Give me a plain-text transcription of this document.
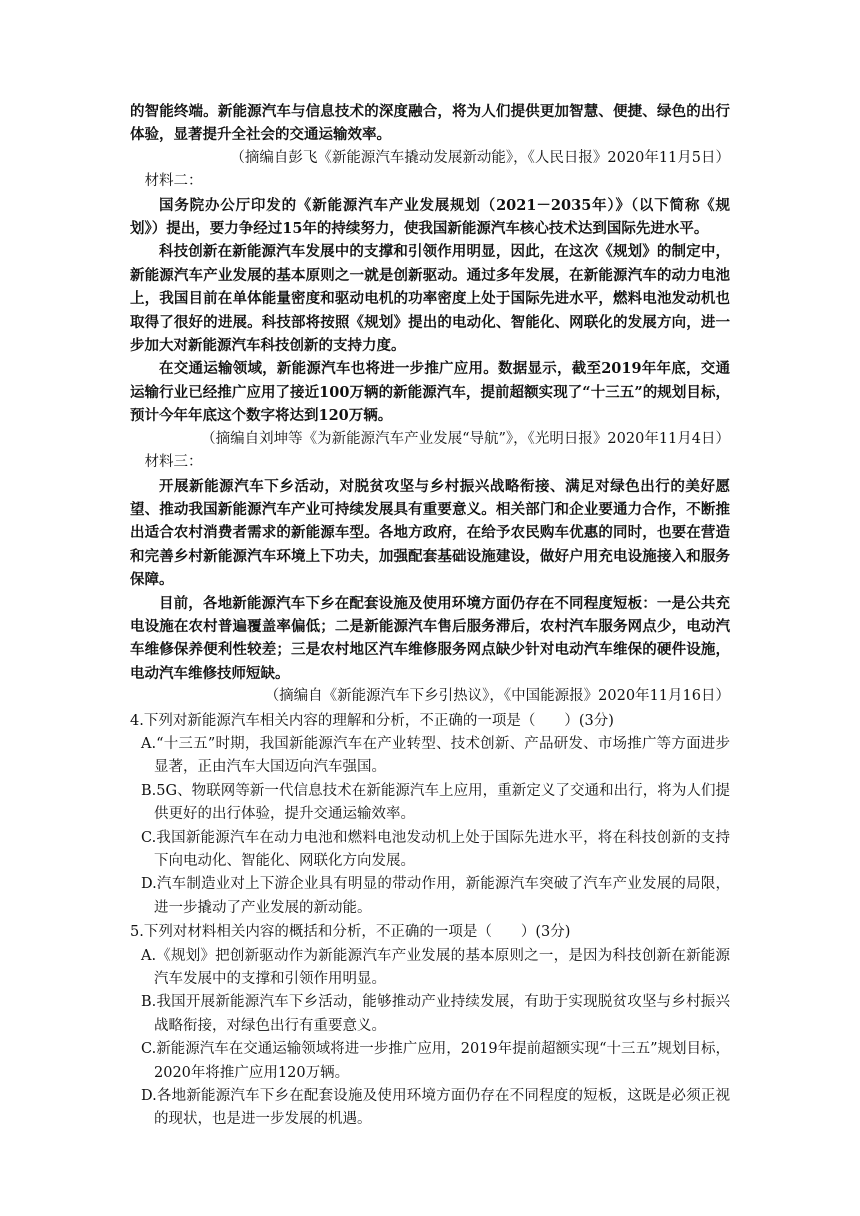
的智能终端。新能源汽车与信息技术的深度融合，将为人们提供更加智慧、便捷、绿色的出行体验，显著提升全社会的交通运输效率。

（摘编自彭飞《新能源汽车撬动发展新动能》，《人民日报》2020年11月5日）

材料二：

国务院办公厅印发的《新能源汽车产业发展规划（2021－2035年）》（以下简称《规划》）提出，要力争经过15年的持续努力，使我国新能源汽车核心技术达到国际先进水平。

科技创新在新能源汽车发展中的支撑和引领作用明显，因此，在这次《规划》的制定中，新能源汽车产业发展的基本原则之一就是创新驱动。通过多年发展，在新能源汽车的动力电池上，我国目前在单体能量密度和驱动电机的功率密度上处于国际先进水平，燃料电池发动机也取得了很好的进展。科技部将按照《规划》提出的电动化、智能化、网联化的发展方向，进一步加大对新能源汽车科技创新的支持力度。

在交通运输领域，新能源汽车也将进一步推广应用。数据显示，截至2019年年底，交通运输行业已经推广应用了接近100万辆的新能源汽车，提前超额实现了“十三五”的规划目标，预计今年年底这个数字将达到120万辆。

（摘编自刘坤等《为新能源汽车产业发展“导航”》，《光明日报》2020年11月4日）

材料三：

开展新能源汽车下乡活动，对脱贫攻坚与乡村振兴战略衔接、满足对绿色出行的美好愿望、推动我国新能源汽车产业可持续发展具有重要意义。相关部门和企业要通力合作，不断推出适合农村消费者需求的新能源车型。各地方政府，在给予农民购车优惠的同时，也要在营造和完善乡村新能源汽车环境上下功夫，加强配套基础设施建设，做好户用充电设施接入和服务保障。

目前，各地新能源汽车下乡在配套设施及使用环境方面仍存在不同程度短板：一是公共充电设施在农村普遍覆盖率偏低；二是新能源汽车售后服务滞后，农村汽车服务网点少，电动汽车维修保养便利性较差；三是农村地区汽车维修服务网点缺少针对电动汽车维保的硬件设施，电动汽车维修技师短缺。

（摘编自《新能源汽车下乡引热议》，《中国能源报》2020年11月16日）

4.下列对新能源汽车相关内容的理解和分析，不正确的一项是（　　）(3分)

A.“十三五”时期，我国新能源汽车在产业转型、技术创新、产品研发、市场推广等方面进步显著，正由汽车大国迈向汽车强国。

B.5G、物联网等新一代信息技术在新能源汽车上应用，重新定义了交通和出行，将为人们提供更好的出行体验，提升交通运输效率。

C.我国新能源汽车在动力电池和燃料电池发动机上处于国际先进水平，将在科技创新的支持下向电动化、智能化、网联化方向发展。

D.汽车制造业对上下游企业具有明显的带动作用，新能源汽车突破了汽车产业发展的局限，进一步撬动了产业发展的新动能。

5.下列对材料相关内容的概括和分析，不正确的一项是（　　）(3分)

A.《规划》把创新驱动作为新能源汽车产业发展的基本原则之一，是因为科技创新在新能源汽车发展中的支撑和引领作用明显。

B.我国开展新能源汽车下乡活动，能够推动产业持续发展，有助于实现脱贫攻坚与乡村振兴战略衔接，对绿色出行有重要意义。

C.新能源汽车在交通运输领域将进一步推广应用，2019年提前超额实现“十三五”规划目标，2020年将推广应用120万辆。

D.各地新能源汽车下乡在配套设施及使用环境方面仍存在不同程度的短板，这既是必须正视的现状，也是进一步发展的机遇。
